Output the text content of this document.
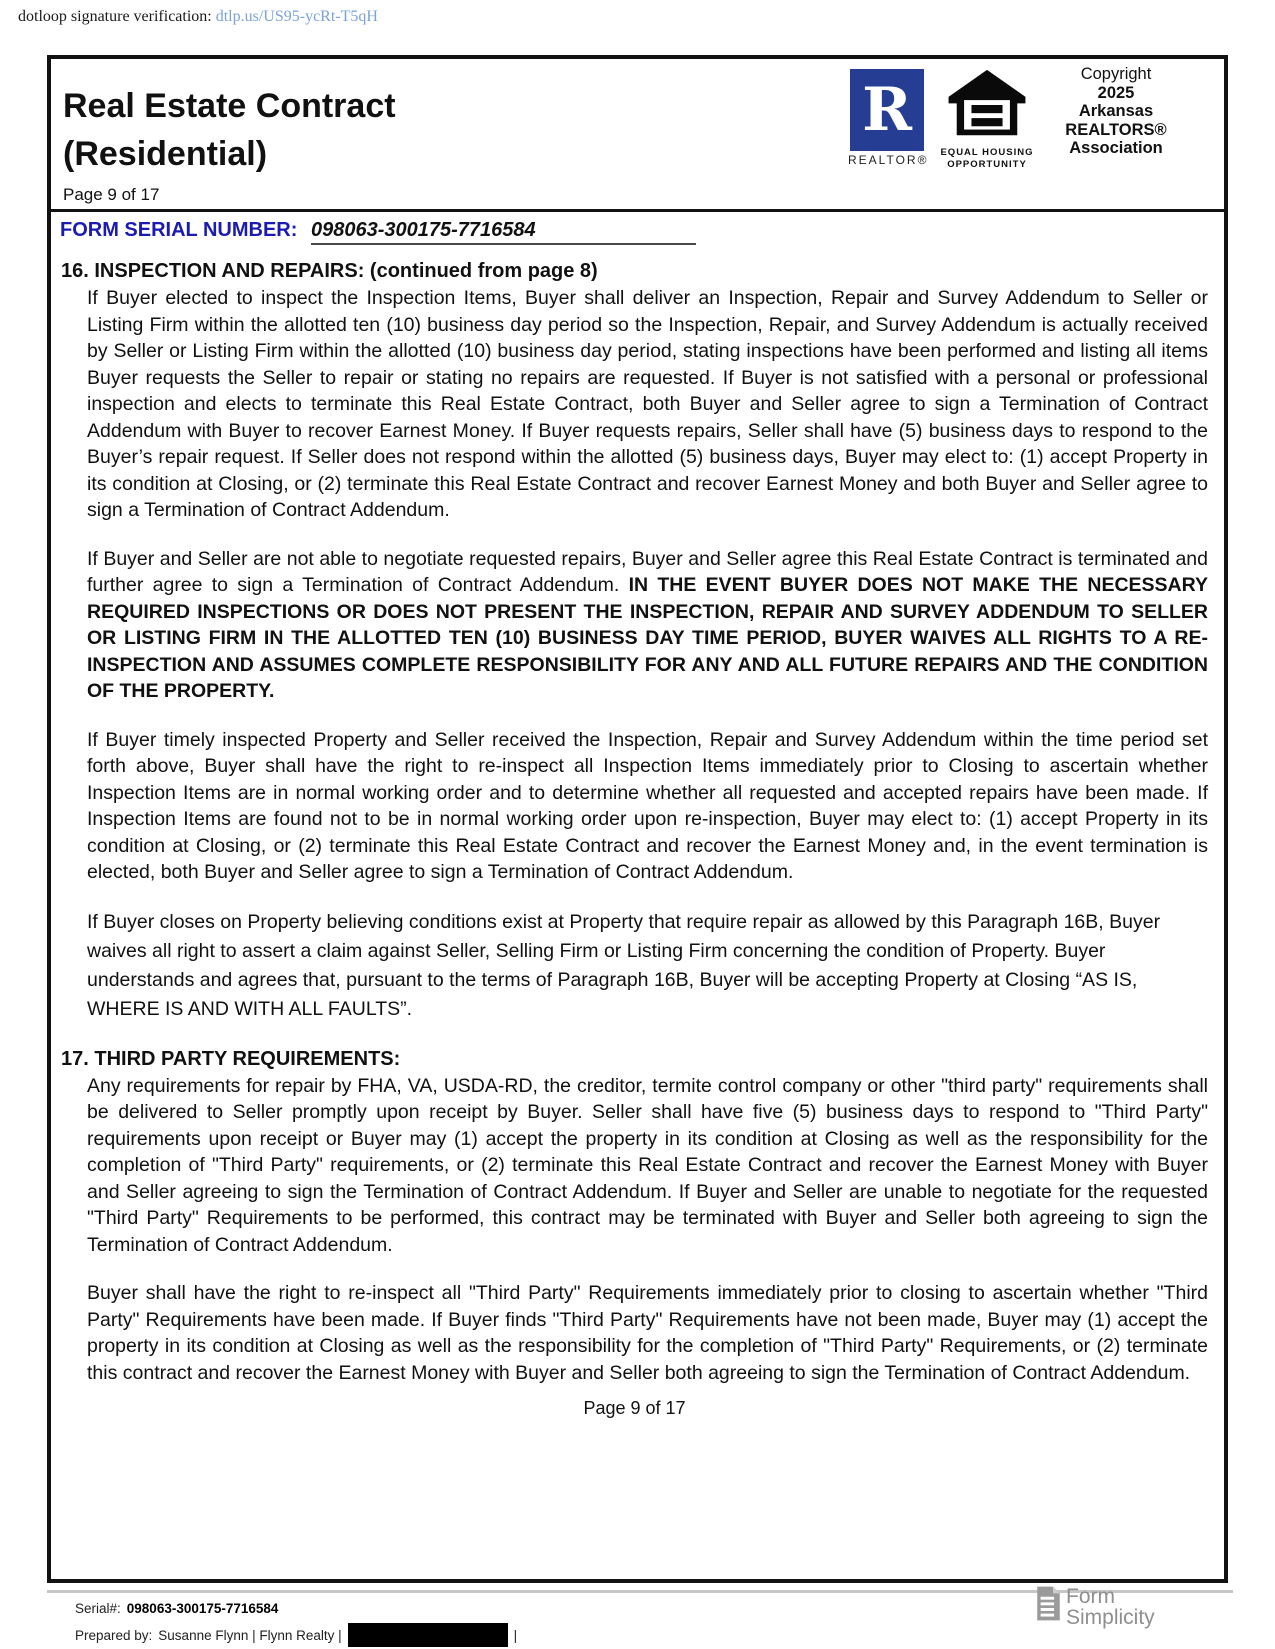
dotloop signature verification: dtlp.us/US95-ycRt-T5qH
Real Estate Contract
(Residential)
Page 9 of 17
R
REALTOR®
EQUAL HOUSING
OPPORTUNITY
Copyright
2025
Arkansas
REALTORS®
Association
FORM SERIAL NUMBER: 098063-300175-7716584
16. INSPECTION AND REPAIRS: (continued from page 8)
If Buyer elected to inspect the Inspection Items, Buyer shall deliver an Inspection, Repair and Survey Addendum to Seller or Listing Firm within the allotted ten (10) business day period so the Inspection, Repair, and Survey Addendum is actually received by Seller or Listing Firm within the allotted (10) business day period, stating inspections have been performed and listing all items Buyer requests the Seller to repair or stating no repairs are requested. If Buyer is not satisfied with a personal or professional inspection and elects to terminate this Real Estate Contract, both Buyer and Seller agree to sign a Termination of Contract Addendum with Buyer to recover Earnest Money. If Buyer requests repairs, Seller shall have (5) business days to respond to the Buyer’s repair request. If Seller does not respond within the allotted (5) business days, Buyer may elect to: (1) accept Property in its condition at Closing, or (2) terminate this Real Estate Contract and recover Earnest Money and both Buyer and Seller agree to sign a Termination of Contract Addendum.
If Buyer and Seller are not able to negotiate requested repairs, Buyer and Seller agree this Real Estate Contract is terminated and further agree to sign a Termination of Contract Addendum. IN THE EVENT BUYER DOES NOT MAKE THE NECESSARY REQUIRED INSPECTIONS OR DOES NOT PRESENT THE INSPECTION, REPAIR AND SURVEY ADDENDUM TO SELLER OR LISTING FIRM IN THE ALLOTTED TEN (10) BUSINESS DAY TIME PERIOD, BUYER WAIVES ALL RIGHTS TO A RE-INSPECTION AND ASSUMES COMPLETE RESPONSIBILITY FOR ANY AND ALL FUTURE REPAIRS AND THE CONDITION OF THE PROPERTY.
If Buyer timely inspected Property and Seller received the Inspection, Repair and Survey Addendum within the time period set forth above, Buyer shall have the right to re-inspect all Inspection Items immediately prior to Closing to ascertain whether Inspection Items are in normal working order and to determine whether all requested and accepted repairs have been made. If Inspection Items are found not to be in normal working order upon re-inspection, Buyer may elect to: (1) accept Property in its condition at Closing, or (2) terminate this Real Estate Contract and recover the Earnest Money and, in the event termination is elected, both Buyer and Seller agree to sign a Termination of Contract Addendum.
If Buyer closes on Property believing conditions exist at Property that require repair as allowed by this Paragraph 16B, Buyer waives all right to assert a claim against Seller, Selling Firm or Listing Firm concerning the condition of Property. Buyer understands and agrees that, pursuant to the terms of Paragraph 16B, Buyer will be accepting Property at Closing “AS IS, WHERE IS AND WITH ALL FAULTS”.
17. THIRD PARTY REQUIREMENTS:
Any requirements for repair by FHA, VA, USDA-RD, the creditor, termite control company or other "third party" requirements shall be delivered to Seller promptly upon receipt by Buyer. Seller shall have five (5) business days to respond to "Third Party" requirements upon receipt or Buyer may (1) accept the property in its condition at Closing as well as the responsibility for the completion of "Third Party" requirements, or (2) terminate this Real Estate Contract and recover the Earnest Money with Buyer and Seller agreeing to sign the Termination of Contract Addendum. If Buyer and Seller are unable to negotiate for the requested "Third Party" Requirements to be performed, this contract may be terminated with Buyer and Seller both agreeing to sign the Termination of Contract Addendum.
Buyer shall have the right to re-inspect all "Third Party" Requirements immediately prior to closing to ascertain whether "Third Party" Requirements have been made. If Buyer finds "Third Party" Requirements have not been made, Buyer may (1) accept the property in its condition at Closing as well as the responsibility for the completion of "Third Party" Requirements, or (2) terminate this contract and recover the Earnest Money with Buyer and Seller both agreeing to sign the Termination of Contract Addendum.
Page 9 of 17
Serial#: 098063-300175-7716584
Prepared by: Susanne Flynn | Flynn Realty |	|
Form
Simplicity
